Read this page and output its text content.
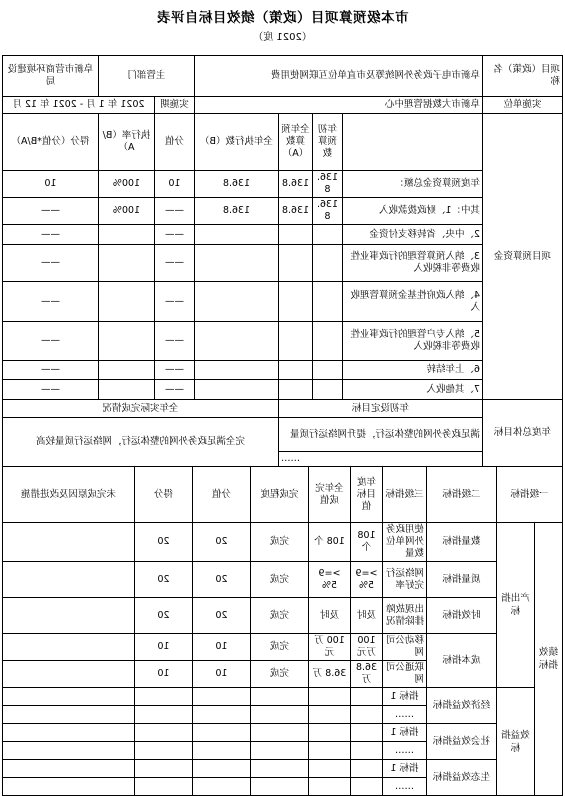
市本级预算项目（政策）绩效目标自评表
（2021 度）
项目（政策）名称	阜新市电子政务外网统筹及市直单位互联网使用费				主管部门		阜新市营商环境建设局
实施单位	阜新市大数据管理中心				实施期	2021 年 1 月 - 2021 年 12 月	
项目预算资金		年初预算数	全年预算数（A）	全年执行数（B）	分值	执行率（B/A）	得分（分值*B/A）
	年度预算资金总额：	136.8	136.8	136.8	10	100%	10
	其中：1、财政拨款收入	136.8	136.8	136.8	——	100%	——
	2、中央、省转移支付资金				——		——
	3、纳入预算管理的行政事业性收费等非税收入				——		——
	4、纳入政府性基金预算管理收入				——		——
	5、纳入专户管理的行政事业性收费等非税收入				——		——
	6、上年结转				——		——
	7、其他收入				——		——
年度总体目标	年初设定目标			全年实际完成情况			
	满足政务外网的整体运行，提升网络运行质量			完全满足政务外网的整体运行，网络运行质量较高			
	……						
一级指标		二级指标	三级指标	年度目标值	全年完成值	完成程度	分值	得分	未完成原因及改进措施
绩效指标	产出指标	数量指标	使用政务外网单位数量	108 个	108 个	完成	20	20	
		质量指标	网络运行完好率	>=95%	>=95%	完成	20	20	
		时效指标	出现故障排除情况	及时	及时	完成	20	20	
		成本指标	移动公司网	100 万元	100 万元	完成	10	10	
			联通公司网	36.8 万	36.8 万	完成	10	10	
	效益指标	经济效益指标	指标 1						
			……						
		社会效益指标	指标 1						
			……						
		生态效益指标	指标 1						
			……						
